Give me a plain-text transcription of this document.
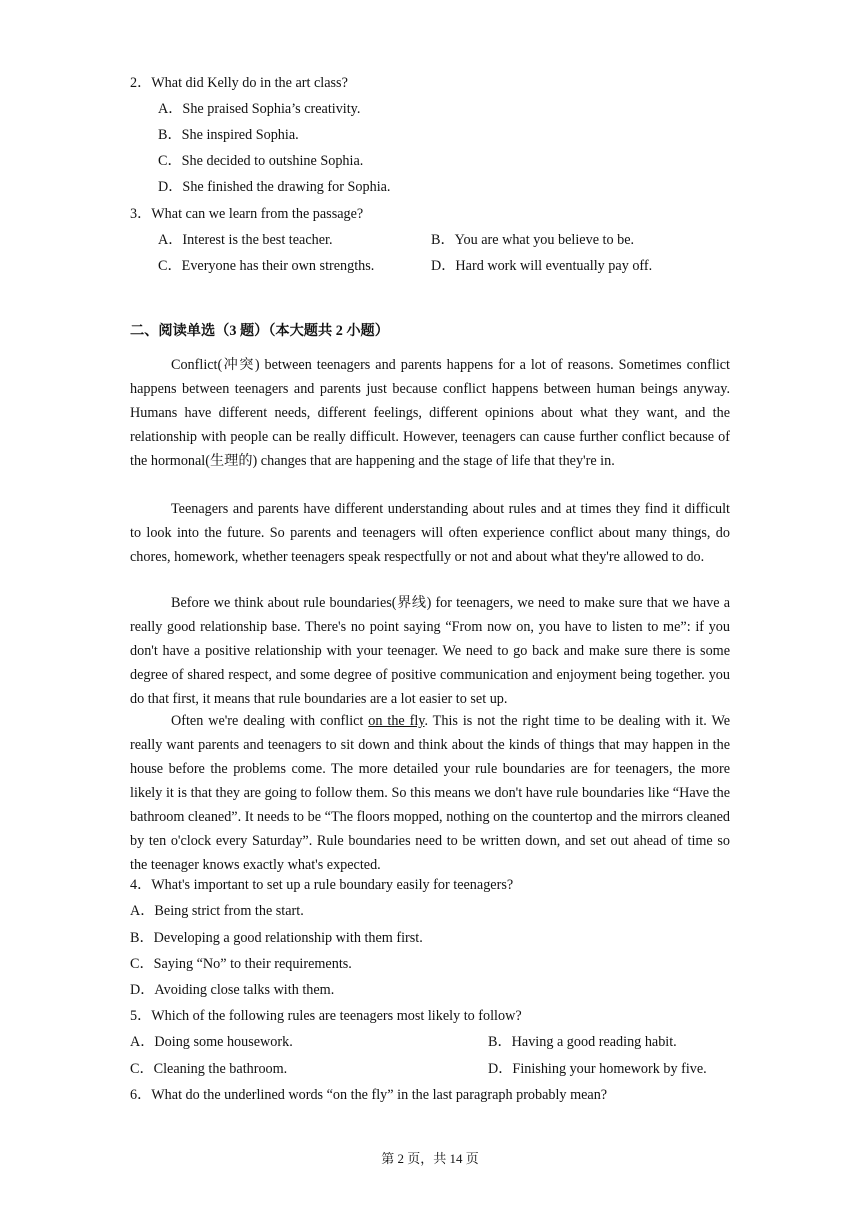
2．What did Kelly do in the art class?
A．She praised Sophia’s creativity.
B．She inspired Sophia.
C．She decided to outshine Sophia.
D．She finished the drawing for Sophia.
3．What can we learn from the passage?
A．Interest is the best teacher.	B．You are what you believe to be.
C．Everyone has their own strengths.	D．Hard work will eventually pay off.
二、阅读单选（3 题）（本大题共 2 小题）
Conflict(冲突) between teenagers and parents happens for a lot of reasons. Sometimes conflict happens between teenagers and parents just because conflict happens between human beings anyway. Humans have different needs, different feelings, different opinions about what they want, and the relationship with people can be really difficult. However, teenagers can cause further conflict because of the hormonal(生理的) changes that are happening and the stage of life that they're in.
Teenagers and parents have different understanding about rules and at times they find it difficult to look into the future. So parents and teenagers will often experience conflict about many things, do chores, homework, whether teenagers speak respectfully or not and about what they're allowed to do.
Before we think about rule boundaries(界线) for teenagers, we need to make sure that we have a really good relationship base. There's no point saying “From now on, you have to listen to me”: if you don't have a positive relationship with your teenager. We need to go back and make sure there is some degree of shared respect, and some degree of positive communication and enjoyment being together. you do that first, it means that rule boundaries are a lot easier to set up.
Often we're dealing with conflict on the fly. This is not the right time to be dealing with it. We really want parents and teenagers to sit down and think about the kinds of things that may happen in the house before the problems come. The more detailed your rule boundaries are for teenagers, the more likely it is that they are going to follow them. So this means we don't have rule boundaries like “Have the bathroom cleaned”. It needs to be “The floors mopped, nothing on the countertop and the mirrors cleaned by ten o'clock every Saturday”. Rule boundaries need to be written down, and set out ahead of time so the teenager knows exactly what's expected.
4．What's important to set up a rule boundary easily for teenagers?
A．Being strict from the start.
B．Developing a good relationship with them first.
C．Saying “No” to their requirements.
D．Avoiding close talks with them.
5．Which of the following rules are teenagers most likely to follow?
A．Doing some housework.	B．Having a good reading habit.
C．Cleaning the bathroom.	D．Finishing your homework by five.
6．What do the underlined words “on the fly” in the last paragraph probably mean?
第 2 页，共 14 页
